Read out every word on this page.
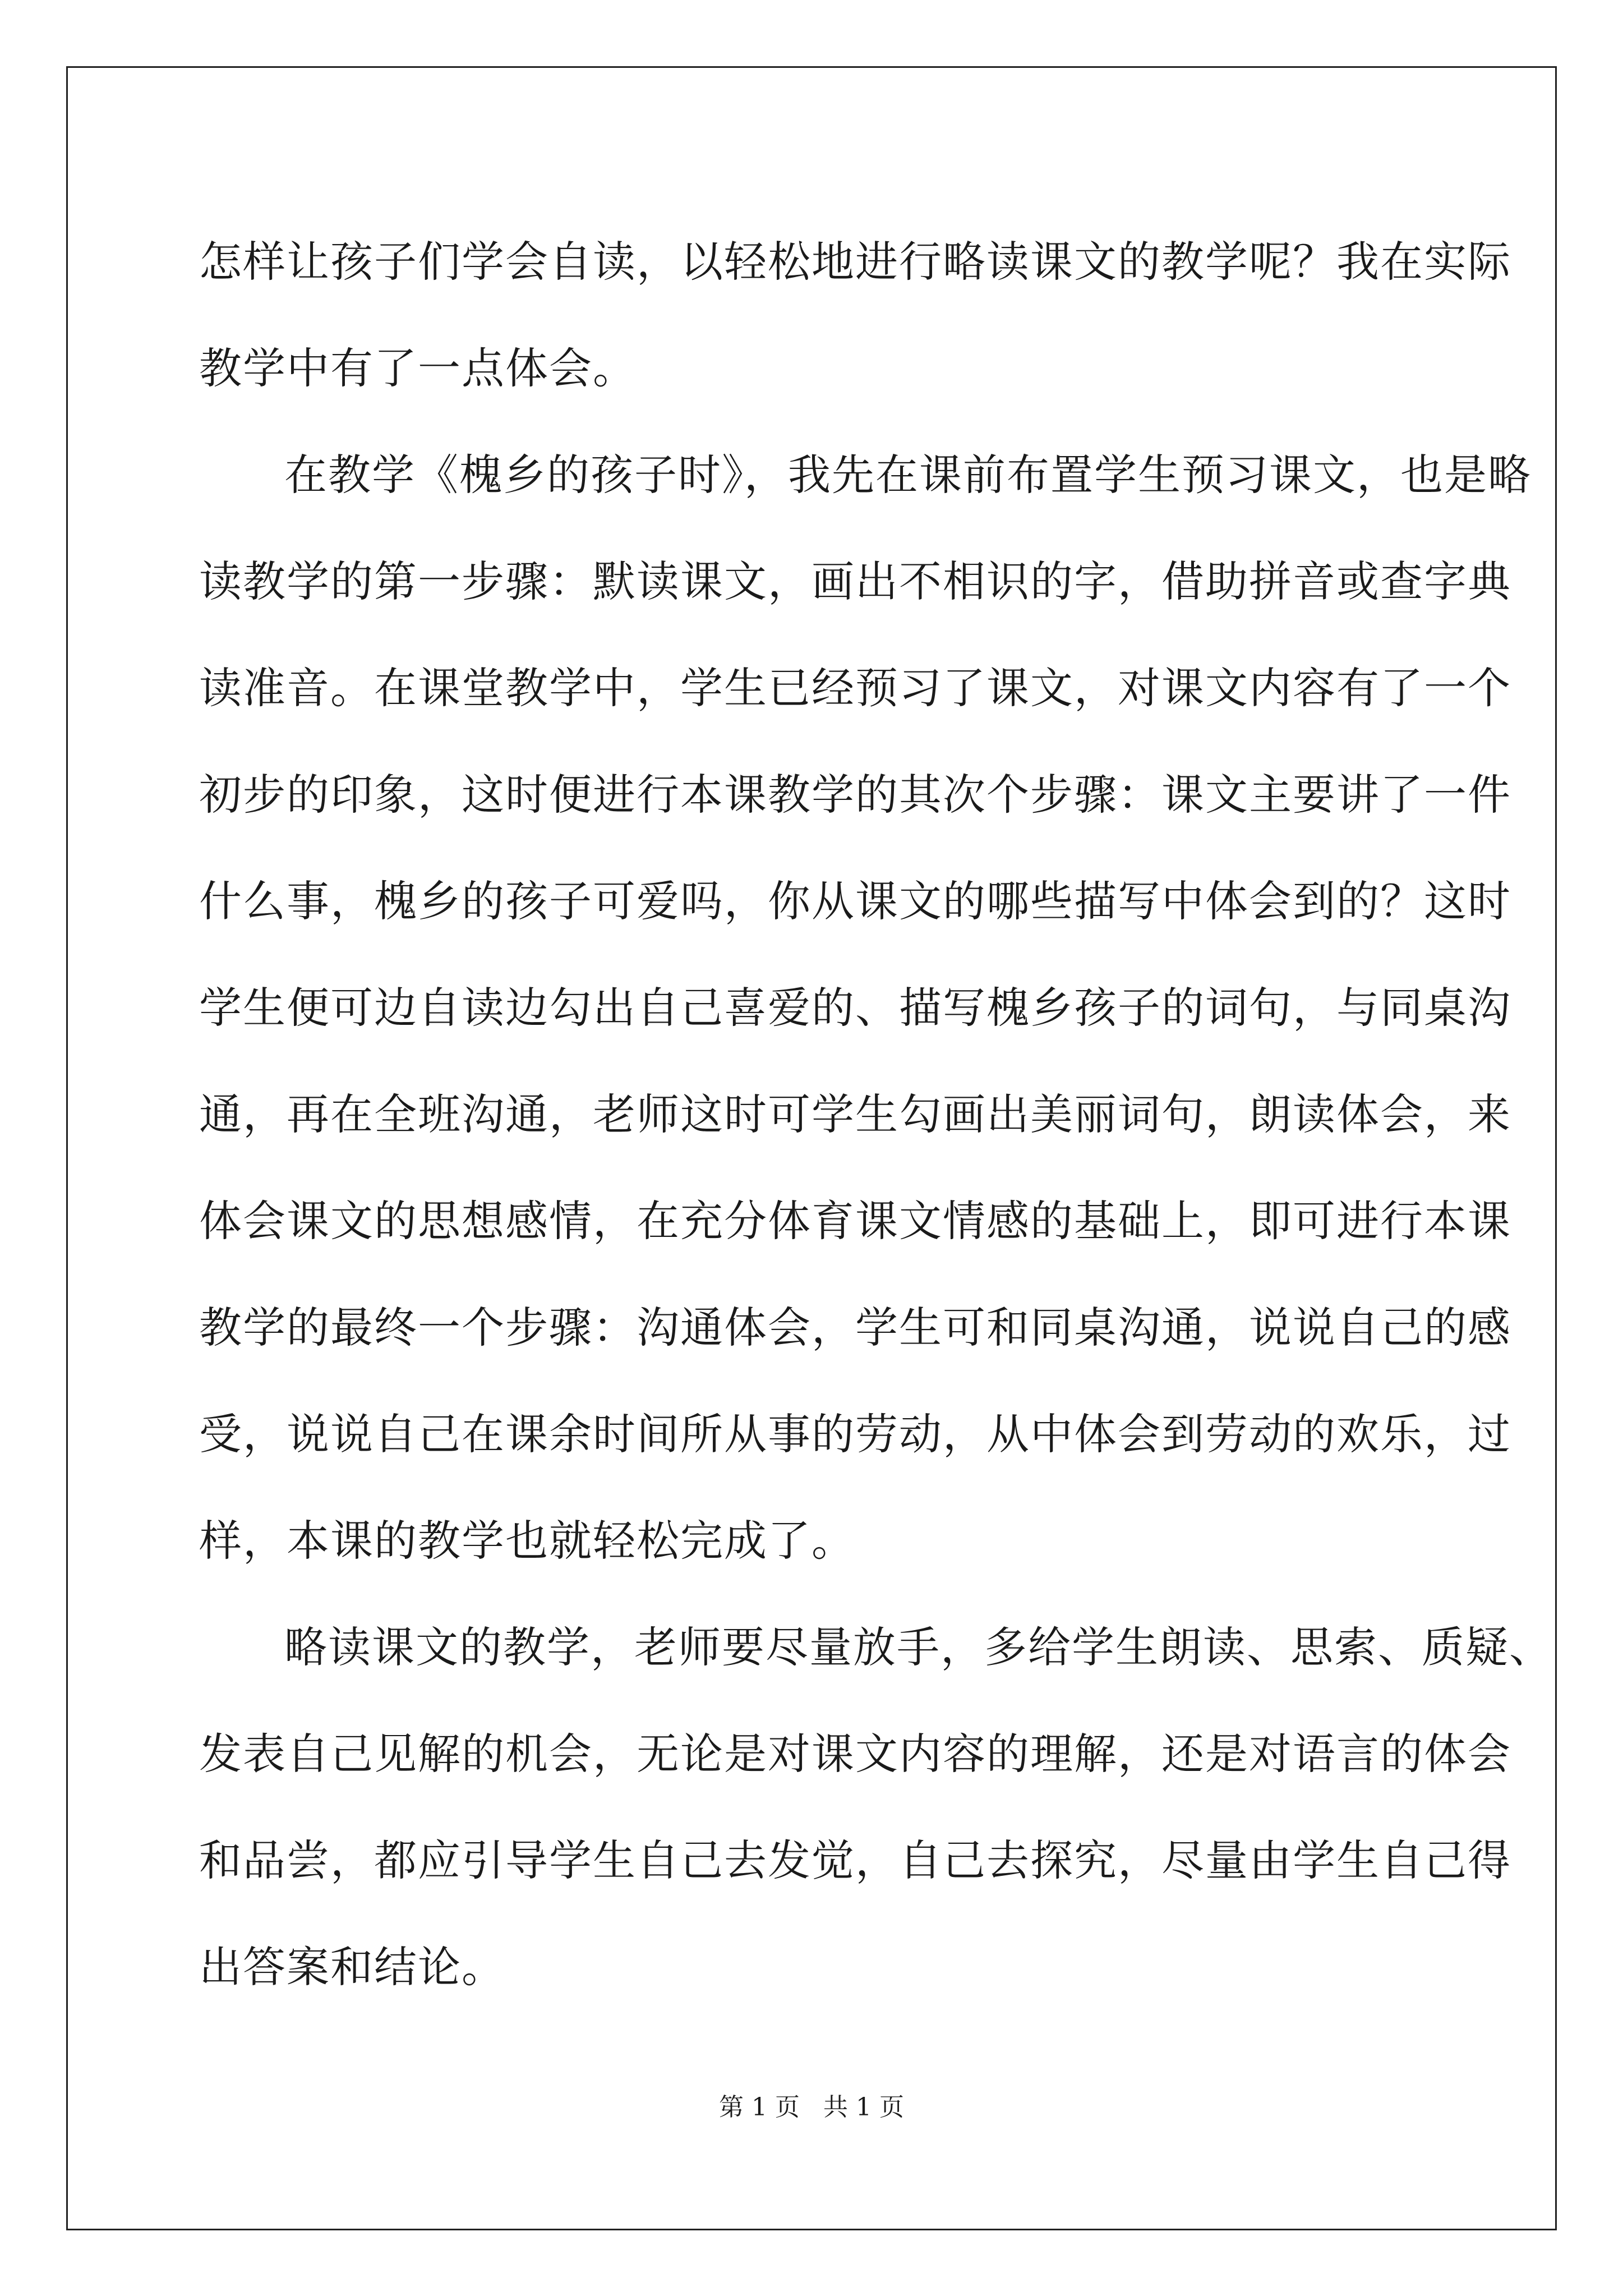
怎样让孩子们学会自读，以轻松地进行略读课文的教学呢？我在实际
教学中有了一点体会。

在教学《槐乡的孩子时》，我先在课前布置学生预习课文，也是略
读教学的第一步骤：默读课文，画出不相识的字，借助拼音或查字典
读准音。在课堂教学中，学生已经预习了课文，对课文内容有了一个
初步的印象，这时便进行本课教学的其次个步骤：课文主要讲了一件
什么事，槐乡的孩子可爱吗，你从课文的哪些描写中体会到的？这时
学生便可边自读边勾出自己喜爱的、描写槐乡孩子的词句，与同桌沟
通，再在全班沟通，老师这时可学生勾画出美丽词句，朗读体会，来
体会课文的思想感情，在充分体育课文情感的基础上，即可进行本课
教学的最终一个步骤：沟通体会，学生可和同桌沟通，说说自己的感
受，说说自己在课余时间所从事的劳动，从中体会到劳动的欢乐，过
样，本课的教学也就轻松完成了。

略读课文的教学，老师要尽量放手，多给学生朗读、思索、质疑、
发表自己见解的机会，无论是对课文内容的理解，还是对语言的体会
和品尝，都应引导学生自己去发觉，自己去探究，尽量由学生自己得
出答案和结论。

第 1 页 共 1 页
